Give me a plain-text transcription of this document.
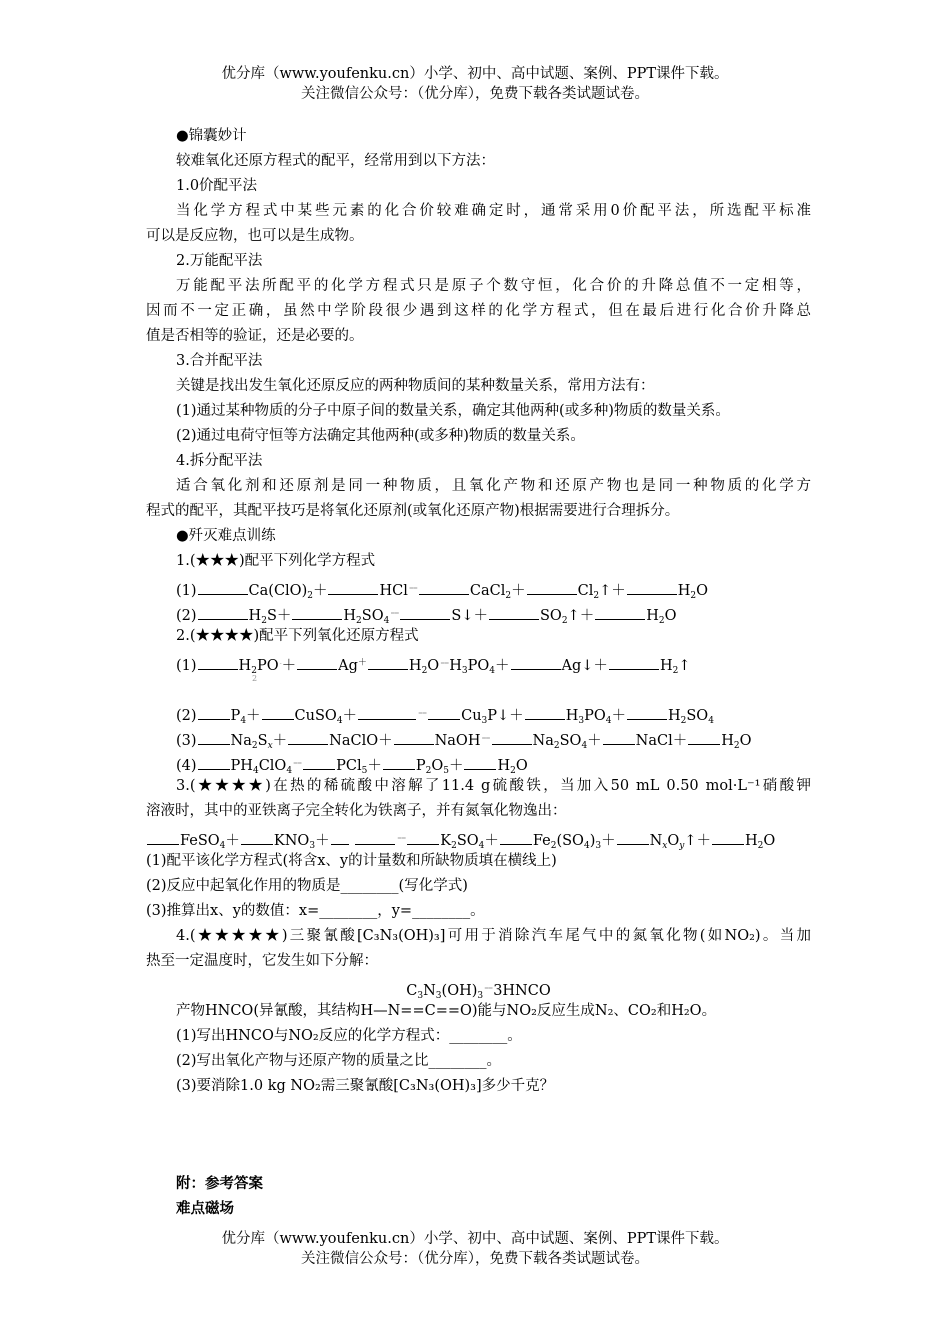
优分库（www.youfenku.cn）小学、初中、高中试题、案例、PPT课件下载。
关注微信公众号：（优分库），免费下载各类试题试卷。
●锦囊妙计
较难氧化还原方程式的配平，经常用到以下方法：
1.0价配平法
当化学方程式中某些元素的化合价较难确定时，通常采用0价配平法，所选配平标准
可以是反应物，也可以是生成物。
2.万能配平法
万能配平法所配平的化学方程式只是原子个数守恒，化合价的升降总值不一定相等，
因而不一定正确，虽然中学阶段很少遇到这样的化学方程式，但在最后进行化合价升降总
值是否相等的验证，还是必要的。
3.合并配平法
关键是找出发生氧化还原反应的两种物质间的某种数量关系，常用方法有：
(1)通过某种物质的分子中原子间的数量关系，确定其他两种(或多种)物质的数量关系。
(2)通过电荷守恒等方法确定其他两种(或多种)物质的数量关系。
4.拆分配平法
适合氧化剂和还原剂是同一种物质，且氧化产物和还原产物也是同一种物质的化学方
程式的配平，其配平技巧是将氧化还原剂(或氧化还原产物)根据需要进行合理拆分。
●歼灭难点训练
1.(★★★)配平下列化学方程式
(1)	$Ca(ClO)_2+$	HCl==	CaCl$_2$＋	$Cl_2↑+$	$H_2O$
(2)	$H_2S+$	$H_2SO_4^{==}$	S↓＋	$SO_2↑+$	$H_2O$
2.(★★★★)配平下列氧化还原方程式
(1)	$H_2PO^-+$	Ag＋	$H_2O^{==}H_3PO_4+$	Ag↓＋	$H_2↑$
2
(2) $P_4+$ CuSO$_4$＋	== $Cu_3P↓+$	$H_3PO_4+$	$H_2SO_4$
(3) $Na_2S_x+$	NaClO＋	NaOH==	$Na_2SO_4+$ NaCl＋ $H_2O$
(4) $PH_4ClO_4^{==}$ $PCl_5+ P_2O_5+ H_2O$
3.(★★★★)在热的稀硫酸中溶解了11.4 g硫酸铁，当加入50 mL 0.50 mol·L⁻¹硝酸钾
溶液时，其中的亚铁离子完全转化为铁离子，并有氮氧化物逸出：
FeSO$_4$＋ $KNO_3+$	== $K_2SO_4+ Fe_2(SO_4)_3+$ $N_xO_y↑+ H_2O$
(1)配平该化学方程式(将含x、y的计量数和所缺物质填在横线上)
(2)反应中起氧化作用的物质是________(写化学式)
(3)推算出x、y的数值：x=________，y=________。
4.(★★★★★)三聚氰酸[C₃N₃(OH)₃]可用于消除汽车尾气中的氮氧化物(如NO₂)。当加
热至一定温度时，它发生如下分解：
$C_3N_3(OH)_3^{==}3HNCO$
产物HNCO(异氰酸，其结构H—N==C==O)能与NO₂反应生成N₂、CO₂和H₂O。
(1)写出HNCO与NO₂反应的化学方程式：________。
(2)写出氧化产物与还原产物的质量之比________。
(3)要消除1.0 kg NO₂需三聚氰酸[C₃N₃(OH)₃]多少千克？
附：参考答案
难点磁场
优分库（www.youfenku.cn）小学、初中、高中试题、案例、PPT课件下载。
关注微信公众号：（优分库），免费下载各类试题试卷。
